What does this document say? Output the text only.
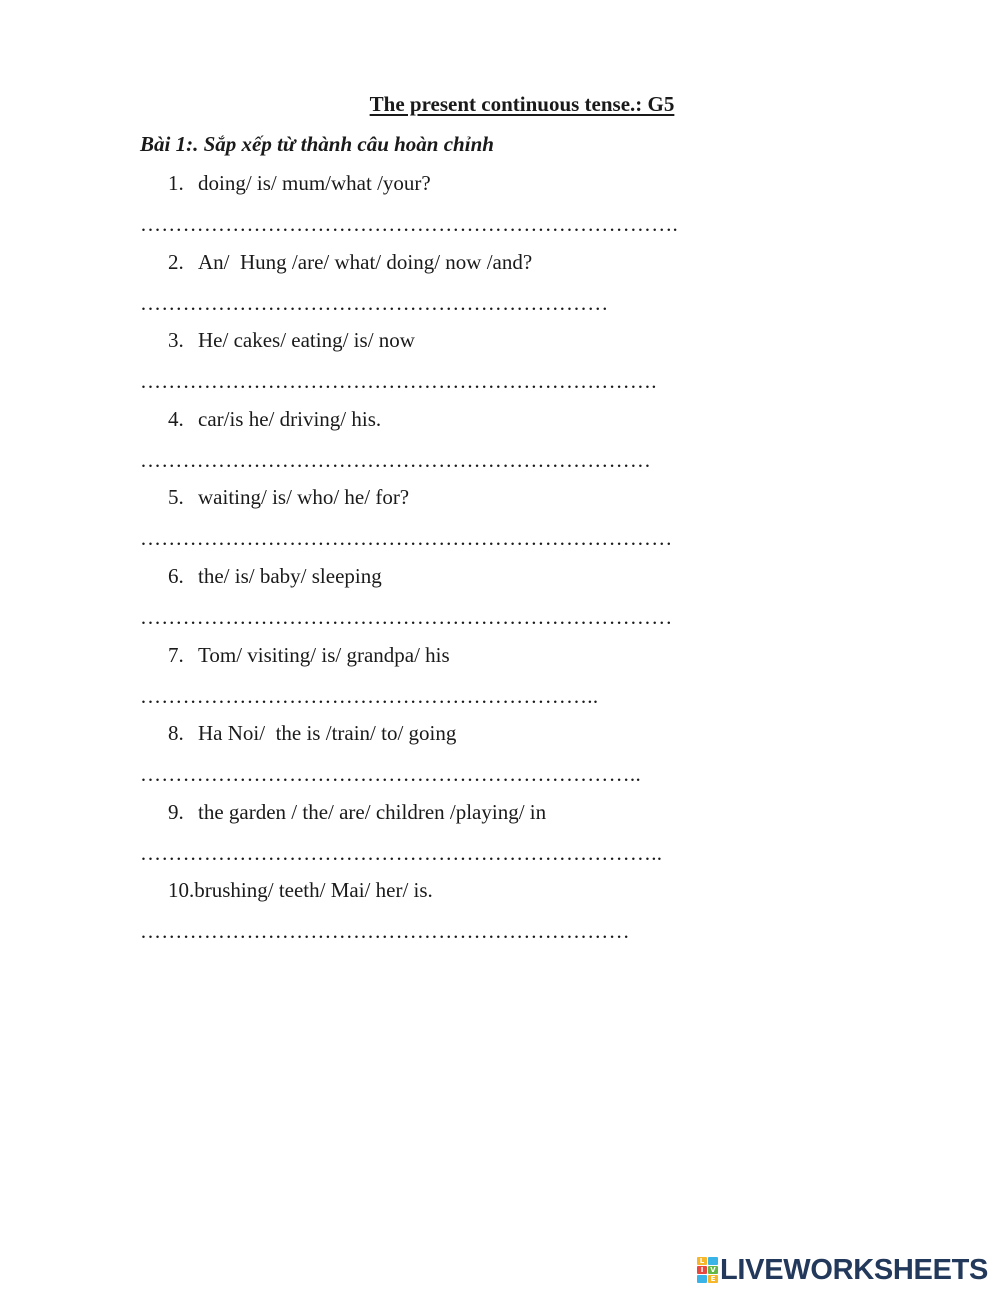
The present continuous tense.: G5
Bài 1:. Sắp xếp từ thành câu hoàn chỉnh
1. doing/ is/ mum/what /your?
………………………………………………………………….
2. An/  Hung /are/ what/ doing/ now /and?
…………………………………………………………
3. He/ cakes/ eating/ is/ now
……………………………………………………………….
4. car/is he/ driving/ his.
………………………………………………………………
5. waiting/ is/ who/ he/ for?
…………………………………………………………………
6. the/ is/ baby/ sleeping
…………………………………………………………………
7. Tom/ visiting/ is/ grandpa/ his
………………………………………………………..
8. Ha Noi/  the is /train/ to/ going
……………………………………………………………..
9. the garden / the/ are/ children /playing/ in
………………………………………………………………..
10.brushing/ teeth/ Mai/ her/ is.
……………………………………………………………
L
I V
E LIVEWORKSHEETS
